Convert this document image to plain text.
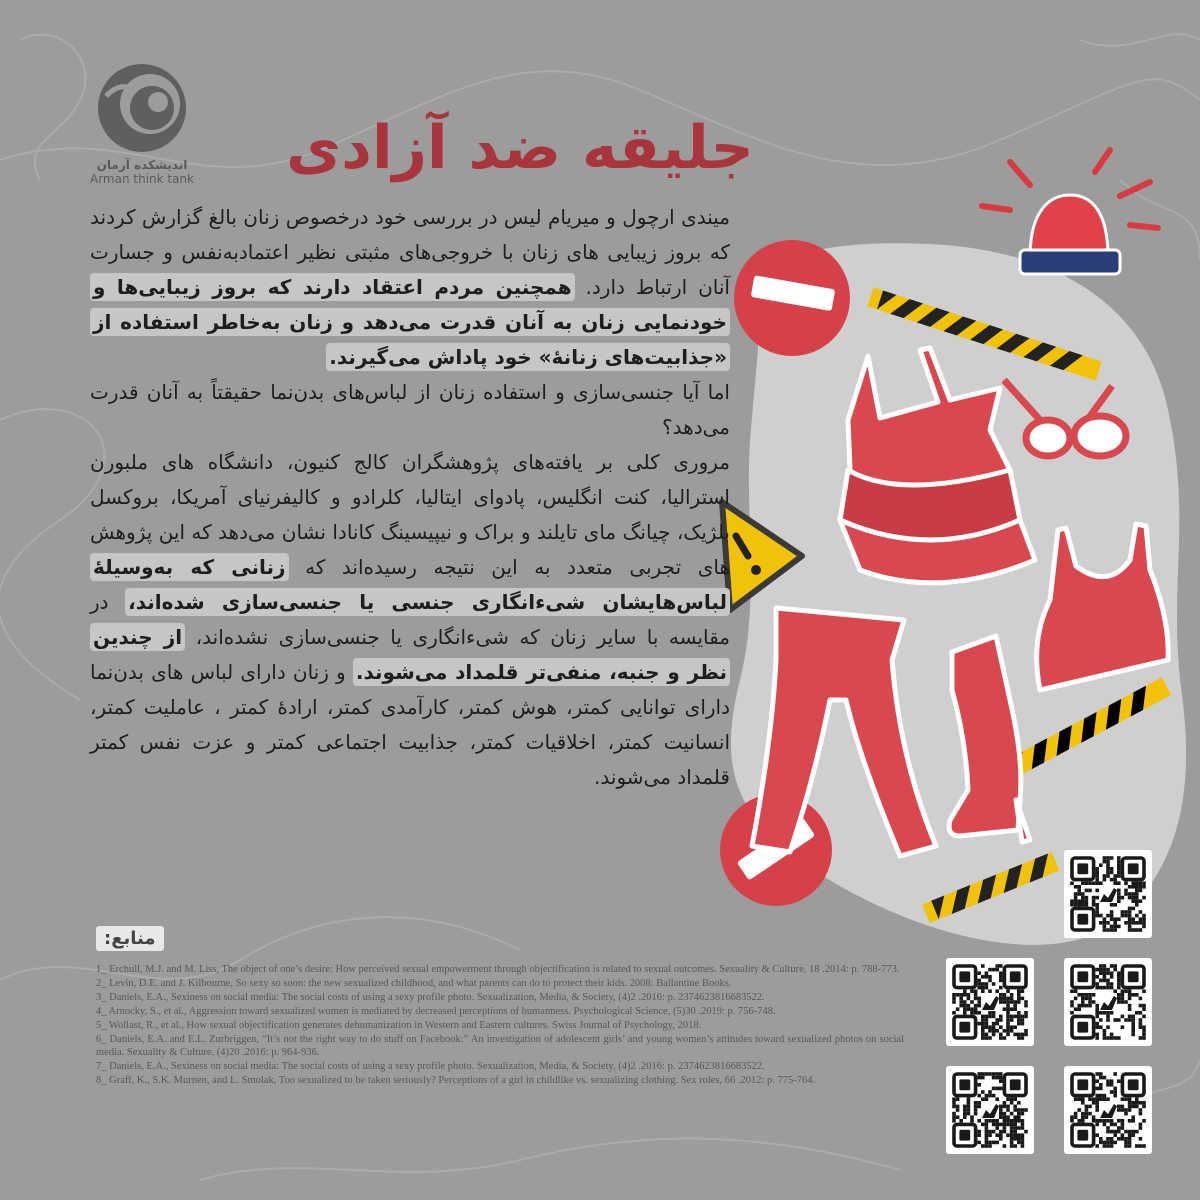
اندیشکده آرمان
Arman think tank	جلیقه ضد آزادی

میندی ارچول و میریام لیس در بررسی خود درخصوص زنان بالغ گزارش کردند که بروز زیبایی های زنان با خروجی‌های مثبتی نظیر اعتمادبه‌نفس و جسارت آنان ارتباط دارد. همچنین مردم اعتقاد دارند که بروز زیبایی‌ها و خودنمایی زنان به آنان قدرت می‌دهد و زنان به‌خاطر استفاده از «جذابیت‌های زنانهٔ» خود پاداش می‌گیرند.

اما آیا جنسی‌سازی و استفاده زنان از لباس‌های بدن‌نما حقیقتاً به آنان قدرت می‌دهد؟

مروری کلی بر یافته‌های پژوهشگران کالج کنیون، دانشگاه های ملبورن استرالیا، کنت انگلیس، پادوای ایتالیا، کلرادو و کالیفرنیای آمریکا، بروکسل بلژیک، چیانگ مای تایلند و براک و نیپیسینگ کانادا نشان می‌دهد که این پژوهش های تجربی متعدد به این نتیجه رسیده‌اند که زنانی که به‌وسیلهٔ لباس‌هایشان شیءانگاری جنسی یا جنسی‌سازی شده‌اند، در مقایسه با سایر زنان که شیءانگاری یا جنسی‌سازی نشده‌اند، از چندین نظر و جنبه، منفی‌تر قلمداد می‌شوند. و زنان دارای لباس های بدن‌نما دارای توانایی کمتر، هوش کمتر، کارآمدی کمتر، ارادهٔ کمتر ، عاملیت کمتر، انسانیت کمتر، اخلاقیات کمتر، جذابیت اجتماعی کمتر و عزت نفس کمتر قلمداد می‌شوند.

منابع:
1_ Erchull, M.J. and M. Liss, The object of one’s desire: How perceived sexual empowerment through objectification is related to sexual outcomes. Sexuality & Culture, 18 .2014: p. 788-773.
2_ Levin, D.E. and J. Kilbourne, So sexy so soon: the new sexualized childhood, and what parents can do to protect their kids. 2008: Ballantine Books.
3_ Daniels, E.A., Sexiness on social media: The social costs of using a sexy profile photo. Sexualization, Media, & Society, (4)2 .2016: p. 2374623816683522.
4_ Arnocky, S., et al., Aggression toward sexualized women is mediated by decreased perceptions of humanness. Psychological Science, (5)30 .2019: p. 756-748.
5_ Wollast, R., et al., How sexual objectification generates dehumanization in Western and Eastern cultures. Swiss Journal of Psychology, 2018.
6_ Daniels, E.A. and E.L. Zurbriggen, “It’s not the right way to do stuff on Facebook:” An investigation of adolescent girls’ and young women’s attitudes toward sexualized photos on social media. Sexuality & Culture, (4)20 .2016: p. 964-936.
7_ Daniels, E.A., Sexiness on social media: The social costs of using a sexy profile photo. Sexualization, Media, & Society, (4)2 .2016: p. 2374623816683522.
8_ Graff, K., S.K. Murnen, and L. Smolak, Too sexualized to be taken seriously? Perceptions of a girl in childlike vs. sexualizing clothing. Sex roles, 66 .2012: p. 775-764.
